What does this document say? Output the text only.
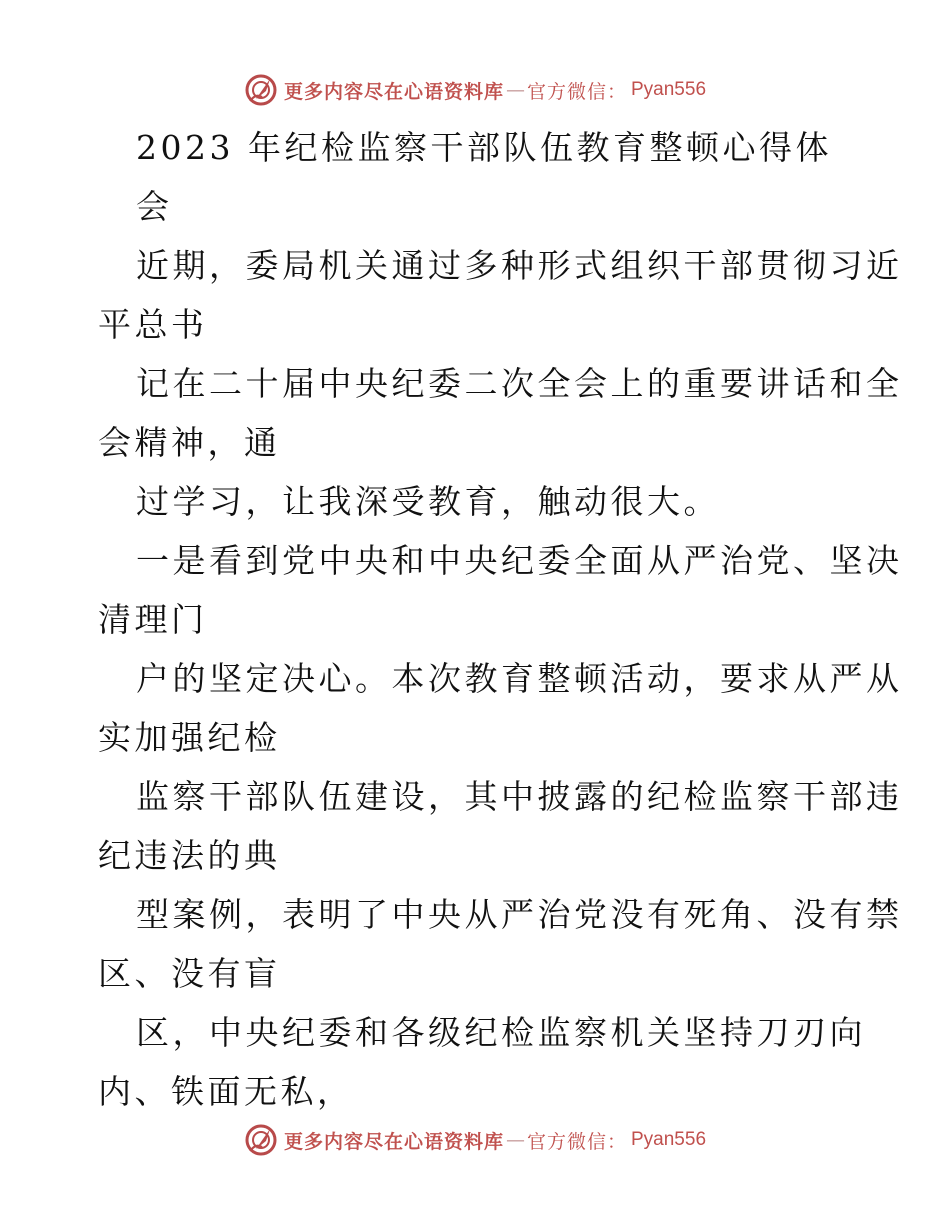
更多内容尽在心语资料库 — 官方微信： Pyan556
2023 年纪检监察干部队伍教育整顿心得体
会
近期，委局机关通过多种形式组织干部贯彻习近
平总书
记在二十届中央纪委二次全会上的重要讲话和全
会精神，通
过学习，让我深受教育，触动很大。
一是看到党中央和中央纪委全面从严治党、坚决
清理门
户的坚定决心。本次教育整顿活动，要求从严从
实加强纪检
监察干部队伍建设，其中披露的纪检监察干部违
纪违法的典
型案例，表明了中央从严治党没有死角、没有禁
区、没有盲
区，中央纪委和各级纪检监察机关坚持刀刃向
内、铁面无私，
更多内容尽在心语资料库 — 官方微信： Pyan556
